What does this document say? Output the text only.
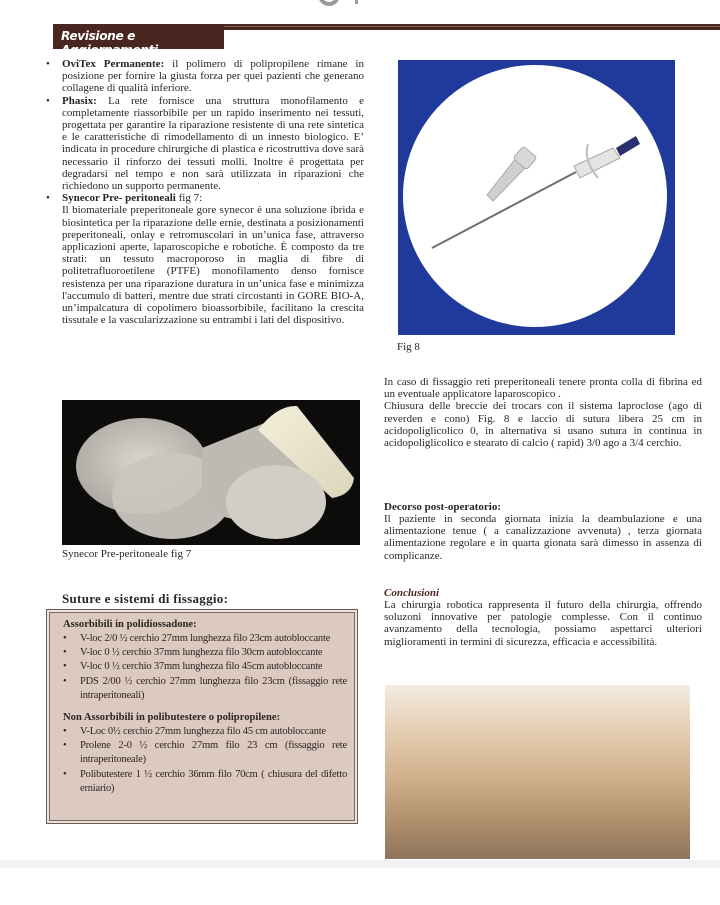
Revisione e Aggiornamenti
• OviTex Permanente: il polimero di polipropilene rimane in posizione per fornire la giusta forza per quei pazienti che generano collagene di qualità inferiore.
• Phasix: La rete fornisce una struttura monofilamento e completamente riassorbibile per un rapido inserimento nei tessuti, progettata per garantire la riparazione resistente di una rete sintetica e le caratteristiche di rimodellamento di un innesto biologico. E’ indicata in procedure chirurgiche di plastica e ricostruttiva dove sarà necessario il rinforzo dei tessuti molli. Inoltre è progettata per degradarsi nel tempo e non sarà utilizzata in riparazioni che richiedono un supporto permanente.
• Synecor Pre- peritoneali fig 7:
Il biomateriale preperitoneale gore synecor è una soluzione ibrida e biosintetica per la riparazione delle ernie, destinata a posizionamenti preperitoneali, onlay e retromuscolari in un’unica fase, attraverso applicazioni aperte, laparoscopiche e robotiche. È composto da tre strati: un tessuto macroporoso in maglia di fibre di politetrafluoroetilene (PTFE) monofilamento denso fornisce resistenza per una riparazione duratura in un’unica fase e minimizza l'accumulo di batteri, mentre due strati circostanti in GORE BIO-A, un’impalcatura di copolimero bioassorbibile, facilitano la crescita tissutale e la vascularizzazione su entrambi i lati del dispositivo.
Synecor Pre-peritoneale fig 7
Suture e sistemi di fissaggio:
Assorbibili in polidiossadone:
• V-loc 2/0 ½ cerchio 27mm lunghezza filo 23cm autobloccante
• V-loc 0 ½ cerchio 37mm lunghezza filo 30cm autobloccante
• V-loc 0 ½ cerchio 37mm lunghezza filo 45cm autobloccante
• PDS 2/00 ½ cerchio 27mm lunghezza filo 23cm (fissaggio rete intraperitoneali)
Non Assorbibili in polibutestere o polipropilene:
• V-Loc 0½ cerchio 27mm lunghezza filo 45 cm autobloccante
• Prolene 2-0 ½ cerchio 27mm filo 23 cm (fissaggio rete intraperitoneale)
• Polibutestere 1 ½ cerchio 36mm filo 70cm ( chiusura del difetto erniario)
Fig 8

In caso di fissaggio reti preperitoneali tenere pronta colla di fibrina ed un eventuale applicatore laparoscopico .

Chiusura delle breccie dei trocars con il sistema laproclose (ago di reverden e cono) Fig. 8 e laccio di sutura libera 25 cm in acidopoliglicolico 0, in alternativa si usano sutura in continua in acidopoliglicolico e stearato di calcio ( rapid) 3/0 ago a 3/4 cerchio.

Decorso post-operatorio:

Il paziente in seconda giornata inizia la deambulazione e una alimentazione tenue ( a canalizzazione avvenuta) , terza giornata alimentazione regolare e in quarta gionata sarà dimesso in assenza di complicanze.

Conclusioni

La chirurgia robotica rappresenta il futuro della chirurgia, offrendo soluzoni innovative per patologie complesse. Con il continuo avanzamento della tecnologia, possiamo aspettarci ulteriori miglioramenti in termini di sicurezza, efficacia e accessibilità.
